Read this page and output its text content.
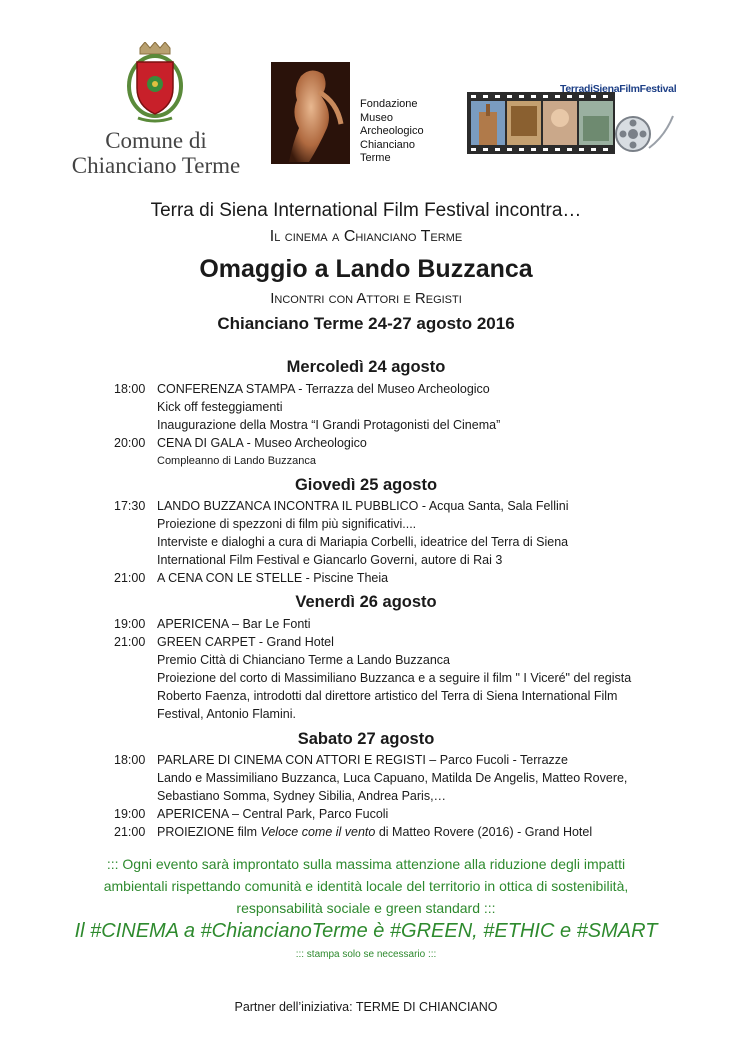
Comune di
Chianciano Terme
Fondazione
Museo
Archeologico
Chianciano
Terme
TerradiSienaFilmFestival
Terra di Siena International Film Festival incontra…
Il cinema a Chianciano Terme
Omaggio a Lando Buzzanca
Incontri con Attori e Registi
Chianciano Terme 24-27 agosto 2016
Mercoledì 24 agosto
18:00 CONFERENZA STAMPA - Terrazza del Museo Archeologico
Kick off festeggiamenti
Inaugurazione della Mostra “I Grandi Protagonisti del Cinema”
20:00 CENA DI GALA - Museo Archeologico
Compleanno di Lando Buzzanca
Giovedì 25 agosto
17:30 LANDO BUZZANCA INCONTRA IL PUBBLICO - Acqua Santa, Sala Fellini
Proiezione di spezzoni di film più significativi....
Interviste e dialoghi a cura di Mariapia Corbelli, ideatrice del Terra di Siena
International Film Festival e Giancarlo Governi, autore di Rai 3
21:00 A CENA CON LE STELLE - Piscine Theia
Venerdì 26 agosto
19:00 APERICENA – Bar Le Fonti
21:00 GREEN CARPET - Grand Hotel
Premio Città di Chianciano Terme a Lando Buzzanca
Proiezione del corto di Massimiliano Buzzanca e a seguire il film " I Viceré" del regista
Roberto Faenza, introdotti dal direttore artistico del Terra di Siena International Film
Festival, Antonio Flamini.
Sabato 27 agosto
18:00 PARLARE DI CINEMA CON ATTORI E REGISTI – Parco Fucoli - Terrazze
Lando e Massimiliano Buzzanca, Luca Capuano, Matilda De Angelis, Matteo Rovere,
Sebastiano Somma, Sydney Sibilia, Andrea Paris,…
19:00 APERICENA – Central Park, Parco Fucoli
21:00 PROIEZIONE film Veloce come il vento di Matteo Rovere (2016) - Grand Hotel
::: Ogni evento sarà improntato sulla massima attenzione alla riduzione degli impatti
ambientali rispettando comunità e identità locale del territorio in ottica di sostenibilità,
responsabilità sociale e green standard :::
Il #CINEMA a #ChiancianoTerme è #GREEN, #ETHIC e #SMART
::: stampa solo se necessario :::
Partner dell’iniziativa: TERME DI CHIANCIANO
